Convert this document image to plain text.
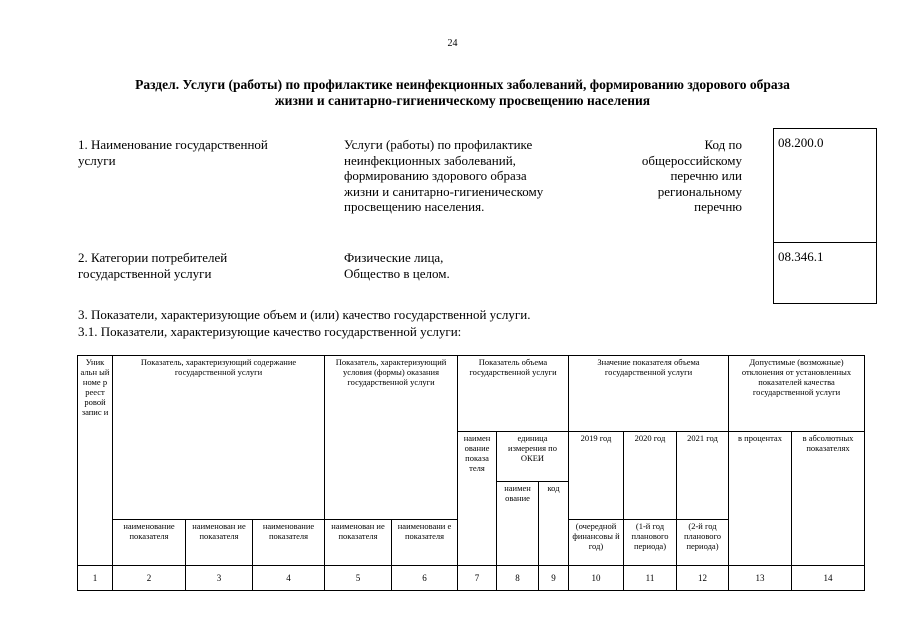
24
Раздел. Услуги (работы) по профилактике неинфекционных заболеваний, формированию здорового образа
жизни и санитарно-гигиеническому просвещению населения
1. Наименование государственной
услуги
Услуги (работы) по профилактике
неинфекционных заболеваний,
формированию здорового образа
жизни и санитарно-гигиеническому
просвещению населения.
Код по
общероссийскому
перечню или
региональному
перечню
08.200.0
08.346.1
2. Категории потребителей
государственной услуги
Физические лица,
Общество в целом.
3. Показатели, характеризующие объем и (или) качество государственной услуги.
3.1. Показатели, характеризующие качество государственной услуги:
Уник альн ый номе р реест ровой запис и	Показатель, характеризующий содержание государственной услуги			Показатель, характеризующий условия (формы) оказания государственной услуги		Показатель объема государственной услуги			Значение показателя объема государственной услуги			Допустимые (возможные) отклонения от установленных показателей качества государственной услуги	
						наимен ование показа теля	единица измерения по ОКЕИ		2019 год	2020 год	2021 год	в процентах	в абсолютных показателях
							наимен ование	код					
	наименование показателя	наименован ие показателя	наименование показателя	наименован ие показателя	наименовани е показателя				(очередной финансовы й год)	(1-й год планового периода)	(2-й год планового периода)		
1	2	3	4	5	6	7	8	9	10	11	12	13	14
